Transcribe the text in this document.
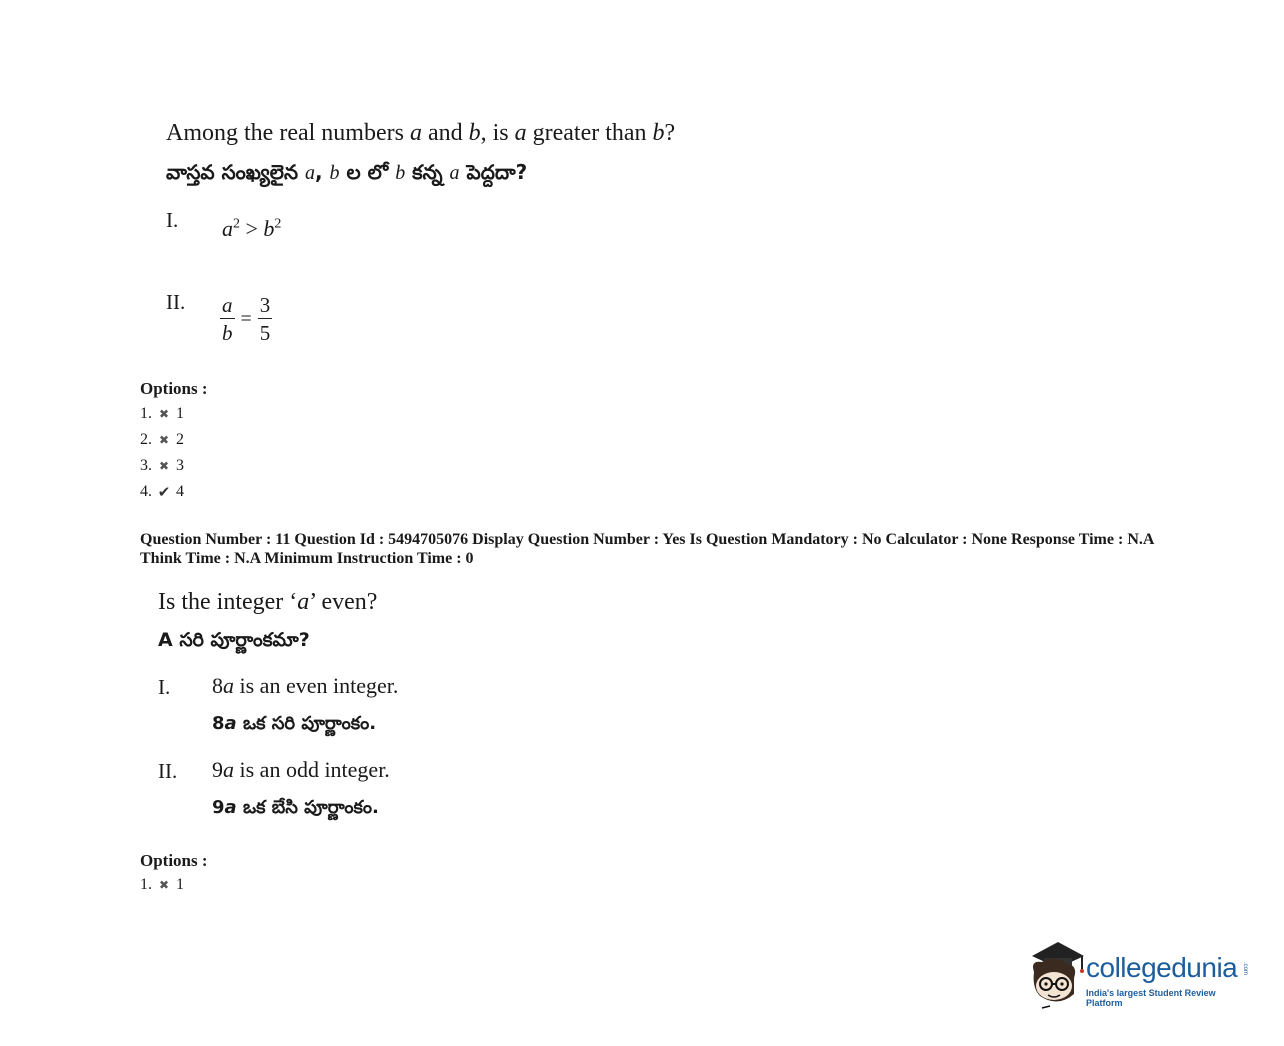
Among the real numbers a and b, is a greater than b?
వాస్తవ సంఖ్యలైన a, b ల లో b కన్న a పెద్దదా?
I. $a^2 > b^2$
II. $\frac{a}{b} = \frac{3}{5}$
Options :
1. ✖ 1
2. ✖ 2
3. ✖ 3
4. ✔ 4
Question Number : 11 Question Id : 5494705076 Display Question Number : Yes Is Question Mandatory : No Calculator : None Response Time : N.A Think Time : N.A Minimum Instruction Time : 0
Is the integer ‘a’ even?
A సరి పూర్ణాంకమా?
I. 8a is an even integer.
8a ఒక సరి పూర్ణాంకం.
II. 9a is an odd integer.
9a ఒక బేసి పూర్ణాంకం.
Options :
1. ✖ 1
collegedunia .com
India's largest Student Review Platform
